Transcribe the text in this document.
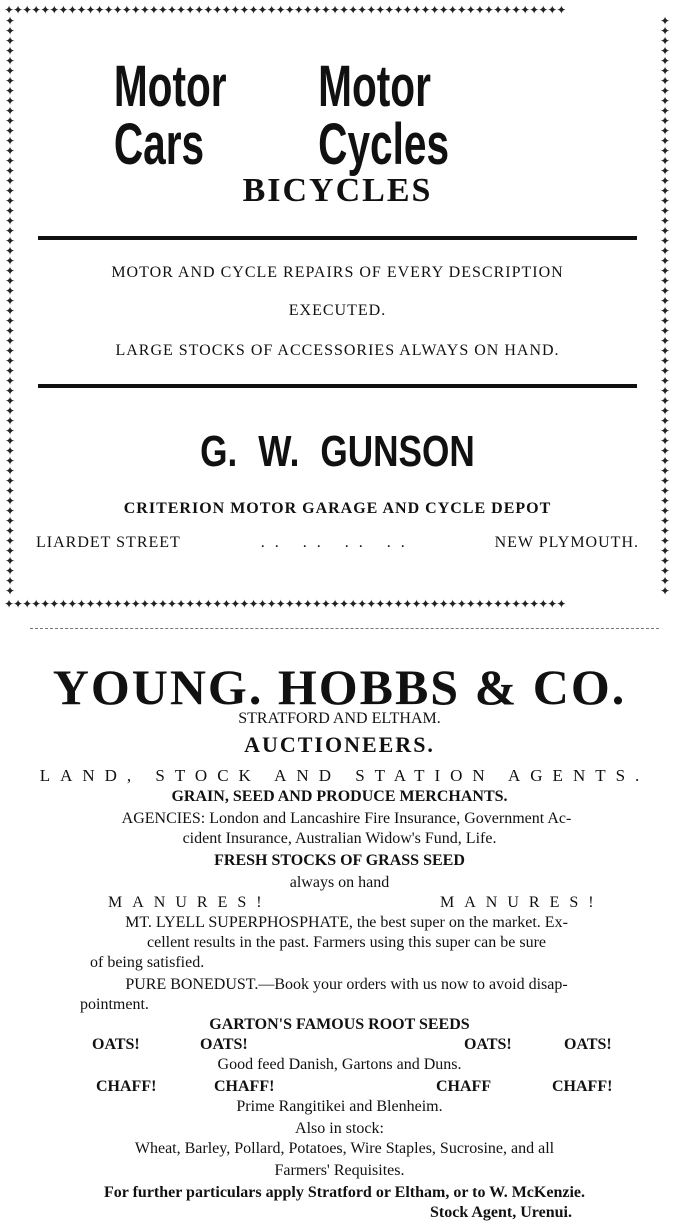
✦✦✦✦✦✦✦✦✦✦✦✦✦✦✦✦✦✦✦✦✦✦✦✦✦✦✦✦✦✦✦✦✦✦✦✦✦✦✦✦✦✦✦✦✦✦✦✦✦✦✦✦✦✦✦✦✦✦✦✦✦✦
✦
✦
✦
✦
✦
✦
✦
✦
✦
✦
✦
✦
✦
✦
✦
✦
✦
✦
✦
✦
✦
✦
✦
✦
✦
✦
✦
✦
✦
✦
✦
✦
✦
✦
✦
✦
✦
✦
✦
✦
✦
✦
✦
✦
✦
✦
✦
✦
✦
✦
✦
✦
✦
✦
✦
✦
✦
✦
✦
✦
✦
✦
✦
✦
✦
✦
✦
✦
✦
✦
✦
✦
✦
✦
✦
✦
✦
✦
✦
✦
✦
✦
✦
✦
✦
✦
✦
✦
✦
✦
✦
✦
✦
✦
✦
✦
✦
✦
✦
✦
✦
✦
✦
✦
✦
✦
✦
✦
✦
✦
✦
✦
✦
✦
✦
✦
✦✦✦✦✦✦✦✦✦✦✦✦✦✦✦✦✦✦✦✦✦✦✦✦✦✦✦✦✦✦✦✦✦✦✦✦✦✦✦✦✦✦✦✦✦✦✦✦✦✦✦✦✦✦✦✦✦✦✦✦✦✦
Motor Cars
Motor Cycles
BICYCLES
MOTOR AND CYCLE REPAIRS OF EVERY DESCRIPTION
EXECUTED.
LARGE STOCKS OF ACCESSORIES ALWAYS ON HAND.
G. W. GUNSON
CRITERION MOTOR GARAGE AND CYCLE DEPOT
LIARDET STREET	.. .. .. ..	NEW PLYMOUTH.
YOUNG. HOBBS & CO.
STRATFORD AND ELTHAM.
AUCTIONEERS.
LAND, STOCK AND STATION AGENTS.
GRAIN, SEED AND PRODUCE MERCHANTS.
AGENCIES: London and Lancashire Fire Insurance, Government Ac-
cident Insurance, Australian Widow's Fund, Life.
FRESH STOCKS OF GRASS SEED
always on hand
MANURES!	MANURES!
MT. LYELL SUPERPHOSPHATE, the best super on the market. Ex-
cellent results in the past. Farmers using this super can be sure
of being satisfied.
PURE BONEDUST.—Book your orders with us now to avoid disap-
pointment.
GARTON'S FAMOUS ROOT SEEDS
OATS!	OATS!	OATS!	OATS!
Good feed Danish, Gartons and Duns.
CHAFF!	CHAFF!	CHAFF	CHAFF!
Prime Rangitikei and Blenheim.
Also in stock:
Wheat, Barley, Pollard, Potatoes, Wire Staples, Sucrosine, and all
Farmers' Requisites.
For further particulars apply Stratford or Eltham, or to W. McKenzie.
Stock Agent, Urenui.
